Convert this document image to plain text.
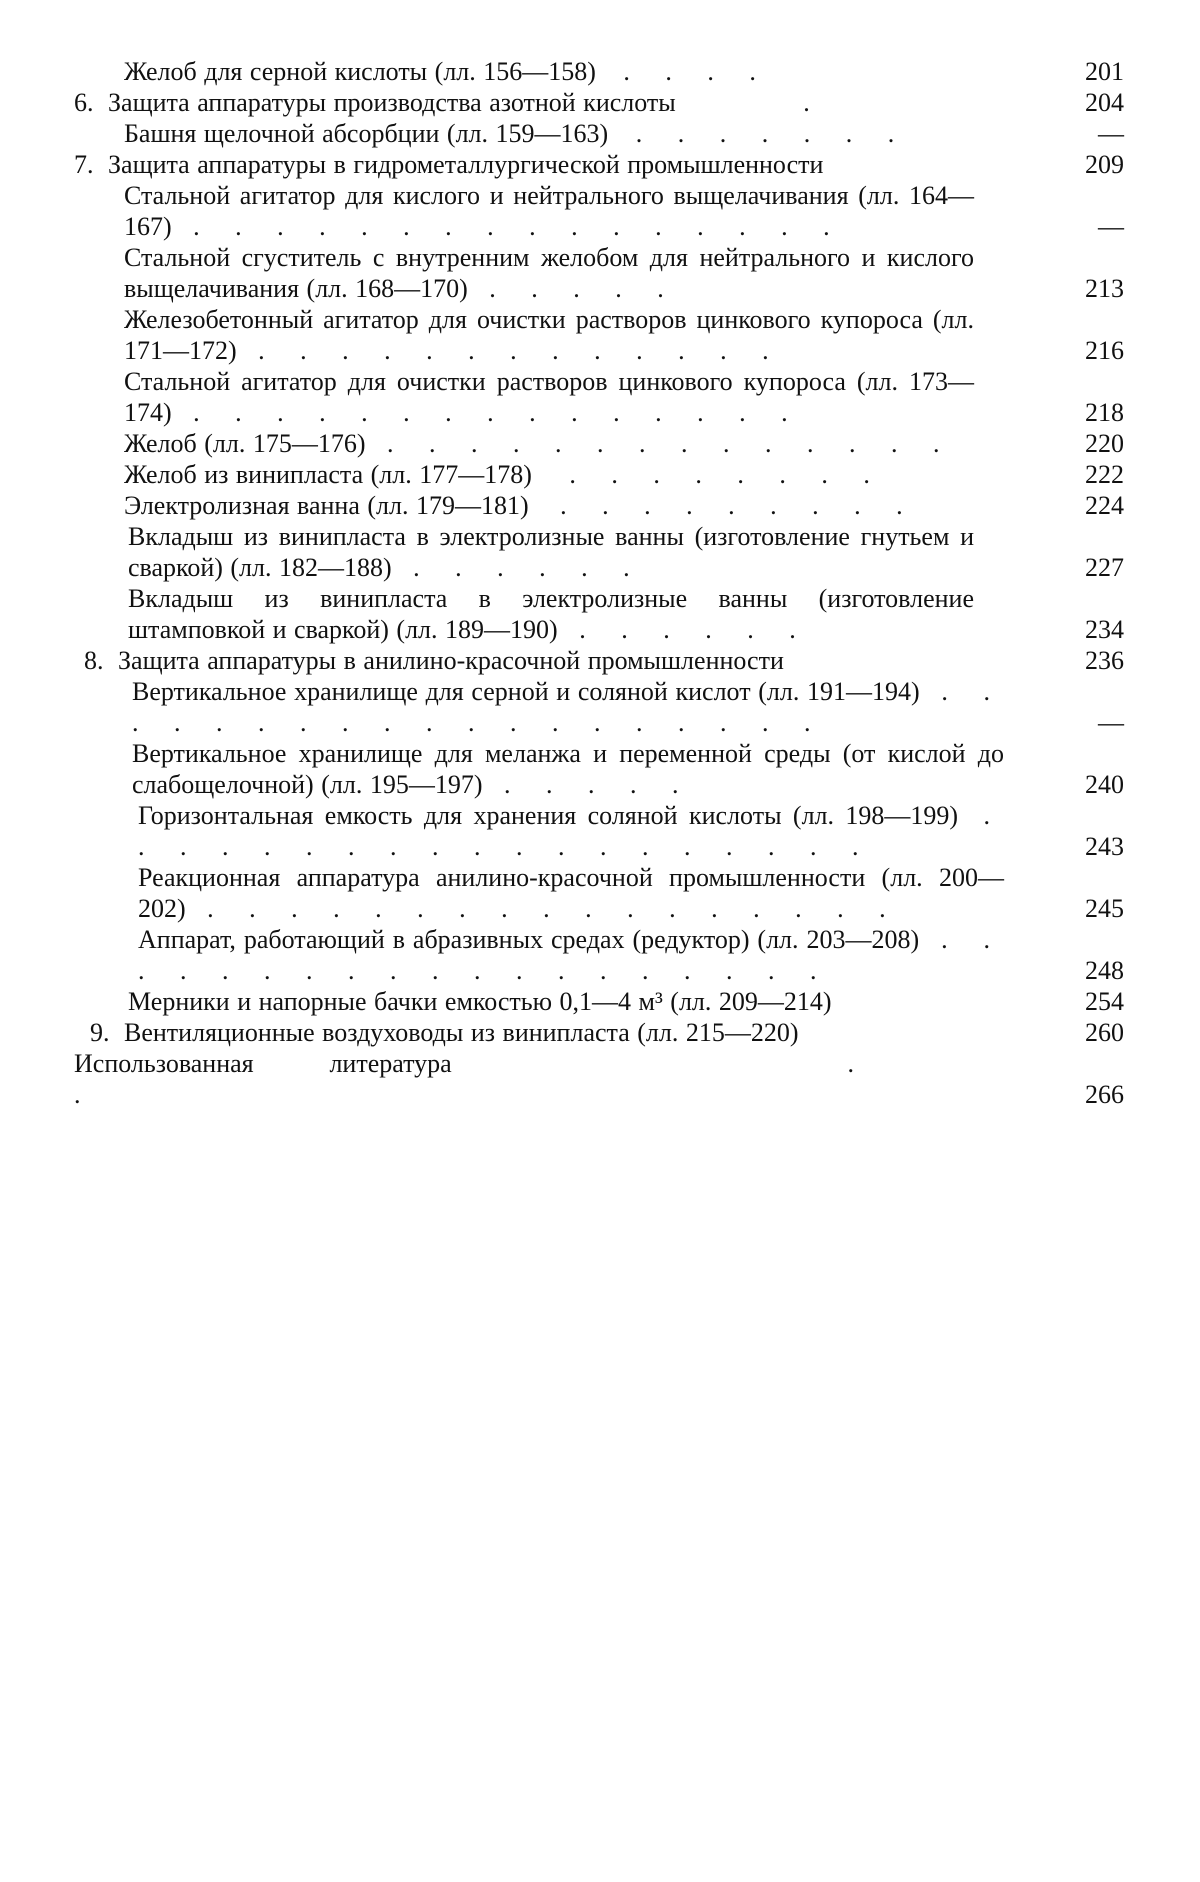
Желоб для серной кислоты (лл. 156—158) . . . .	201
6. Защита аппаратуры производства азотной кислоты	.	204
Башня щелочной абсорбции (лл. 159—163) . . . . . . .	—
7. Защита аппаратуры в гидрометаллургической промышленности	209
Стальной агитатор для кислого и нейтрального выщелачивания (лл. 164—167) . . . . . . . . . . . . . . . .	—
Стальной сгуститель с внутренним желобом для нейтрального и кислого выщелачивания (лл. 168—170) . . . . .	213
Железобетонный агитатор для очистки растворов цинкового купороса (лл. 171—172) . . . . . . . . . . . . .	216
Стальной агитатор для очистки растворов цинкового купороса (лл. 173—174) . . . . . . . . . . . . . . .	218
Желоб (лл. 175—176) . . . . . . . . . . . . . .	220
Желоб из винипласта (лл. 177—178) . . . . . . . .	222
Электролизная ванна (лл. 179—181) . . . . . . . . .	224
Вкладыш из винипласта в электролизные ванны (изготовление гнутьем и сваркой) (лл. 182—188) . . . . . .	227
Вкладыш из винипласта в электролизные ванны (изготовление штамповкой и сваркой) (лл. 189—190) . . . . . .	234
8. Защита аппаратуры в анилино-красочной промышленности	236
Вертикальное хранилище для серной и соляной кислот (лл. 191—194) . . . . . . . . . . . . . . . . . . .	—
Вертикальное хранилище для меланжа и переменной среды (от кислой до слабощелочной) (лл. 195—197) . . . . .	240
Горизонтальная емкость для хранения соляной кислоты (лл. 198—199) . . . . . . . . . . . . . . . . . . .	243
Реакционная аппаратура анилино-красочной промышленности (лл. 200—202) . . . . . . . . . . . . . . . . .	245
Аппарат, работающий в абразивных средах (редуктор) (лл. 203—208) . . . . . . . . . . . . . . . . . . .	248
Мерники и напорные бачки емкостью 0,1—4 м³ (лл. 209—214)	254
9. Вентиляционные воздуховоды из винипласта (лл. 215—220)	260
Использованная литература	. .	266
